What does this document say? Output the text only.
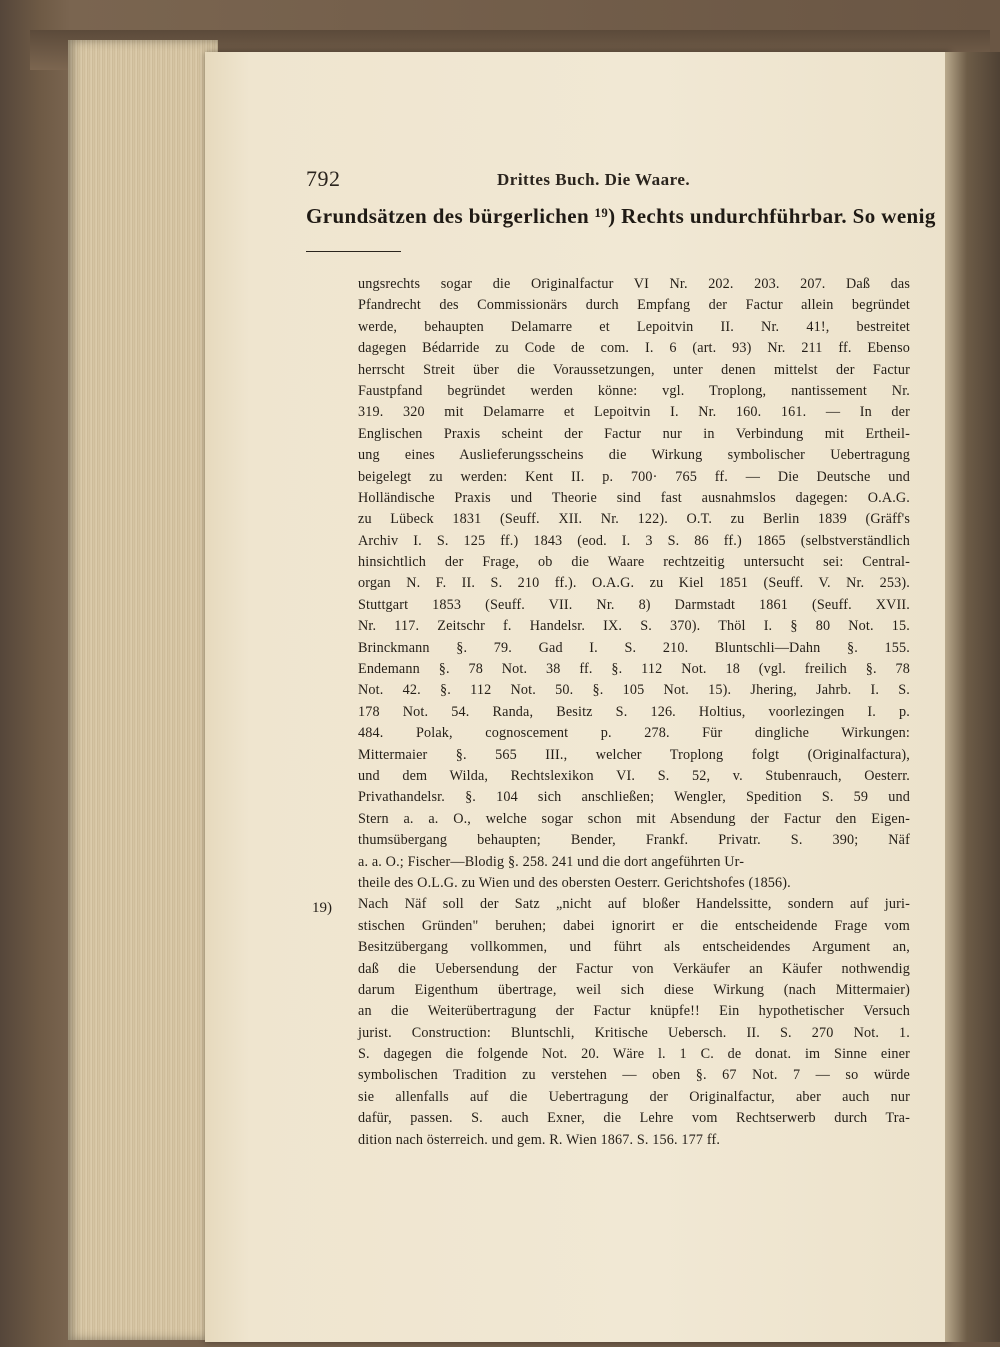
792	Drittes Buch. Die Waare.
Grundsätzen des bürgerlichen ¹⁹) Rechts undurchführbar. So wenig
19)
ungsrechts sogar die Originalfactur VI Nr. 202. 203. 207. Daß das
Pfandrecht des Commissionärs durch Empfang der Factur allein begründet
werde, behaupten Delamarre et Lepoitvin II. Nr. 41!, bestreitet
dagegen Bédarride zu Code de com. I. 6 (art. 93) Nr. 211 ff. Ebenso
herrscht Streit über die Voraussetzungen, unter denen mittelst der Factur
Faustpfand begründet werden könne: vgl. Troplong, nantissement Nr.
319. 320 mit Delamarre et Lepoitvin I. Nr. 160. 161. — In der
Englischen Praxis scheint der Factur nur in Verbindung mit Ertheil-
ung eines Auslieferungsscheins die Wirkung symbolischer Uebertragung
beigelegt zu werden: Kent II. p. 700· 765 ff. — Die Deutsche und
Holländische Praxis und Theorie sind fast ausnahmslos dagegen: O.A.G.
zu Lübeck 1831 (Seuff. XII. Nr. 122). O.T. zu Berlin 1839 (Gräff's
Archiv I. S. 125 ff.) 1843 (eod. I. 3 S. 86 ff.) 1865 (selbstverständlich
hinsichtlich der Frage, ob die Waare rechtzeitig untersucht sei: Central-
organ N. F. II. S. 210 ff.). O.A.G. zu Kiel 1851 (Seuff. V. Nr. 253).
Stuttgart 1853 (Seuff. VII. Nr. 8) Darmstadt 1861 (Seuff. XVII.
Nr. 117. Zeitschr f. Handelsr. IX. S. 370). Thöl I. § 80 Not. 15.
Brinckmann §. 79. Gad I. S. 210. Bluntschli—Dahn §. 155.
Endemann §. 78 Not. 38 ff. §. 112 Not. 18 (vgl. freilich §. 78
Not. 42. §. 112 Not. 50. §. 105 Not. 15). Jhering, Jahrb. I. S.
178 Not. 54. Randa, Besitz S. 126. Holtius, voorlezingen I. p.
484. Polak, cognoscement p. 278. Für dingliche Wirkungen:
Mittermaier §. 565 III., welcher Troplong folgt (Originalfactura),
und dem Wilda, Rechtslexikon VI. S. 52, v. Stubenrauch, Oesterr.
Privathandelsr. §. 104 sich anschließen; Wengler, Spedition S. 59 und
Stern a. a. O., welche sogar schon mit Absendung der Factur den Eigen-
thumsübergang behaupten; Bender, Frankf. Privatr. S. 390; Näf
a. a. O.; Fischer—Blodig §. 258. 241 und die dort angeführten Ur-
theile des O.L.G. zu Wien und des obersten Oesterr. Gerichtshofes (1856).
Nach Näf soll der Satz „nicht auf bloßer Handelssitte, sondern auf juri-
stischen Gründen" beruhen; dabei ignorirt er die entscheidende Frage vom
Besitzübergang vollkommen, und führt als entscheidendes Argument an,
daß die Uebersendung der Factur von Verkäufer an Käufer nothwendig
darum Eigenthum übertrage, weil sich diese Wirkung (nach Mittermaier)
an die Weiterübertragung der Factur knüpfe!! Ein hypothetischer Versuch
jurist. Construction: Bluntschli, Kritische Uebersch. II. S. 270 Not. 1.
S. dagegen die folgende Not. 20. Wäre l. 1 C. de donat. im Sinne einer
symbolischen Tradition zu verstehen — oben §. 67 Not. 7 — so würde
sie allenfalls auf die Uebertragung der Originalfactur, aber auch nur
dafür, passen. S. auch Exner, die Lehre vom Rechtserwerb durch Tra-
dition nach österreich. und gem. R. Wien 1867. S. 156. 177 ff.
